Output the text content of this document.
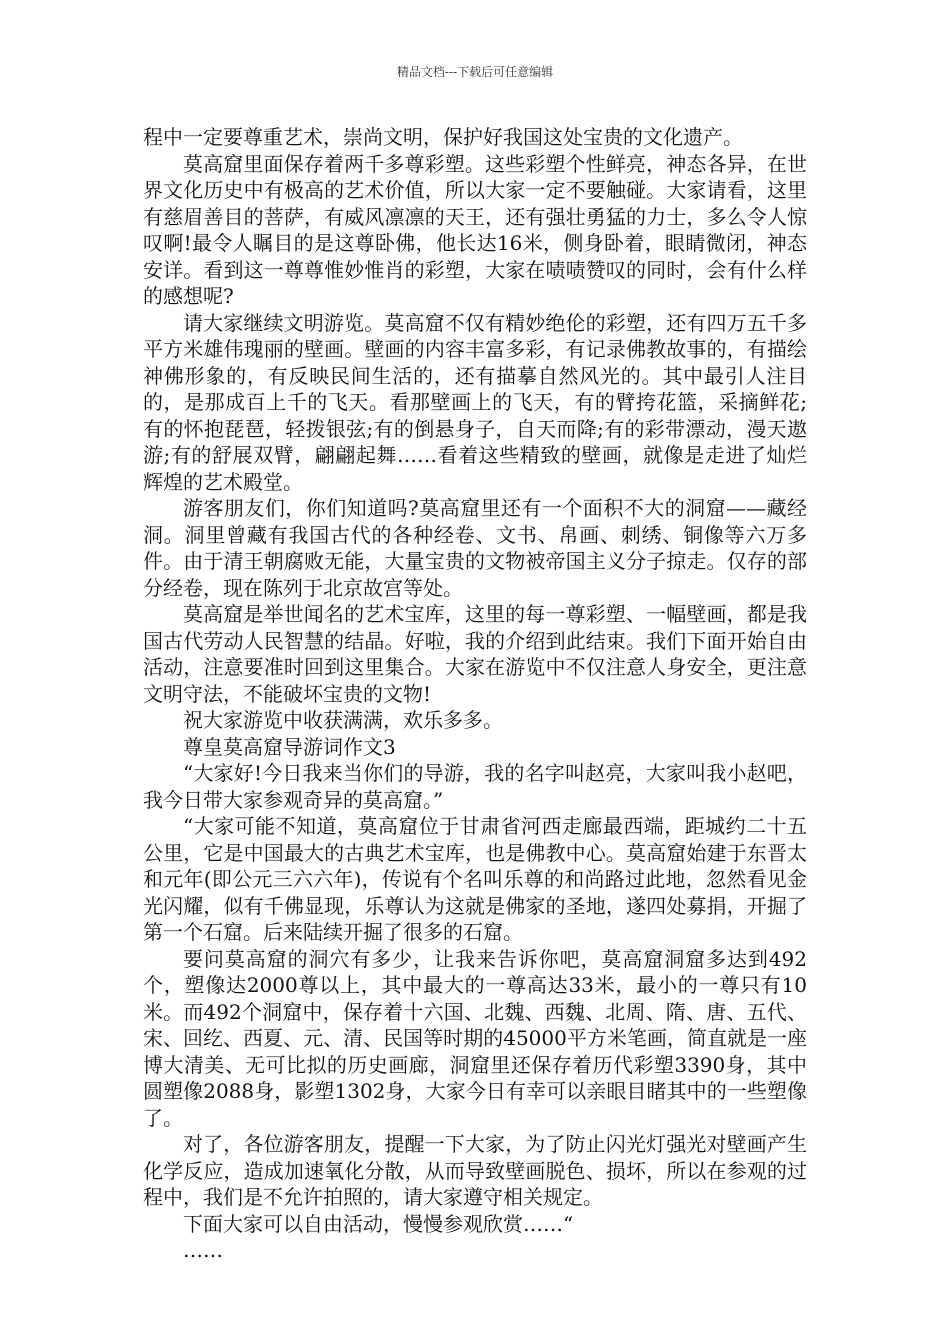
精品文档---下载后可任意编辑

程中一定要尊重艺术，崇尚文明，保护好我国这处宝贵的文化遗产。

莫高窟里面保存着两千多尊彩塑。这些彩塑个性鲜亮，神态各异，在世界文化历史中有极高的艺术价值，所以大家一定不要触碰。大家请看，这里有慈眉善目的菩萨，有威风凛凛的天王，还有强壮勇猛的力士，多么令人惊叹啊!最令人瞩目的是这尊卧佛，他长达16米，侧身卧着，眼睛微闭，神态安详。看到这一尊尊惟妙惟肖的彩塑，大家在啧啧赞叹的同时，会有什么样的感想呢?

请大家继续文明游览。莫高窟不仅有精妙绝伦的彩塑，还有四万五千多平方米雄伟瑰丽的壁画。壁画的内容丰富多彩，有记录佛教故事的，有描绘神佛形象的，有反映民间生活的，还有描摹自然风光的。其中最引人注目的，是那成百上千的飞天。看那壁画上的飞天，有的臂挎花篮，采摘鲜花;有的怀抱琵琶，轻拨银弦;有的倒悬身子，自天而降;有的彩带漂动，漫天遨游;有的舒展双臂，翩翩起舞……看着这些精致的壁画，就像是走进了灿烂辉煌的艺术殿堂。

游客朋友们，你们知道吗?莫高窟里还有一个面积不大的洞窟——藏经洞。洞里曾藏有我国古代的各种经卷、文书、帛画、刺绣、铜像等六万多件。由于清王朝腐败无能，大量宝贵的文物被帝国主义分子掠走。仅存的部分经卷，现在陈列于北京故宫等处。

莫高窟是举世闻名的艺术宝库，这里的每一尊彩塑、一幅壁画，都是我国古代劳动人民智慧的结晶。好啦，我的介绍到此结束。我们下面开始自由活动，注意要准时回到这里集合。大家在游览中不仅注意人身安全，更注意文明守法，不能破坏宝贵的文物!

祝大家游览中收获满满，欢乐多多。

尊皇莫高窟导游词作文3

“大家好!今日我来当你们的导游，我的名字叫赵亮，大家叫我小赵吧，我今日带大家参观奇异的莫高窟。”

“大家可能不知道，莫高窟位于甘肃省河西走廊最西端，距城约二十五公里，它是中国最大的古典艺术宝库，也是佛教中心。莫高窟始建于东晋太和元年(即公元三六六年)，传说有个名叫乐尊的和尚路过此地，忽然看见金光闪耀，似有千佛显现，乐尊认为这就是佛家的圣地，遂四处募捐，开掘了第一个石窟。后来陆续开掘了很多的石窟。

要问莫高窟的洞穴有多少，让我来告诉你吧，莫高窟洞窟多达到492个，塑像达2000尊以上，其中最大的一尊高达33米，最小的一尊只有10米。而492个洞窟中，保存着十六国、北魏、西魏、北周、隋、唐、五代、宋、回纥、西夏、元、清、民国等时期的45000平方米笔画，简直就是一座博大清美、无可比拟的历史画廊，洞窟里还保存着历代彩塑3390身，其中圆塑像2088身，影塑1302身，大家今日有幸可以亲眼目睹其中的一些塑像了。

对了，各位游客朋友，提醒一下大家，为了防止闪光灯强光对壁画产生化学反应，造成加速氧化分散，从而导致壁画脱色、损坏，所以在参观的过程中，我们是不允许拍照的，请大家遵守相关规定。

下面大家可以自由活动，慢慢参观欣赏……“

……
